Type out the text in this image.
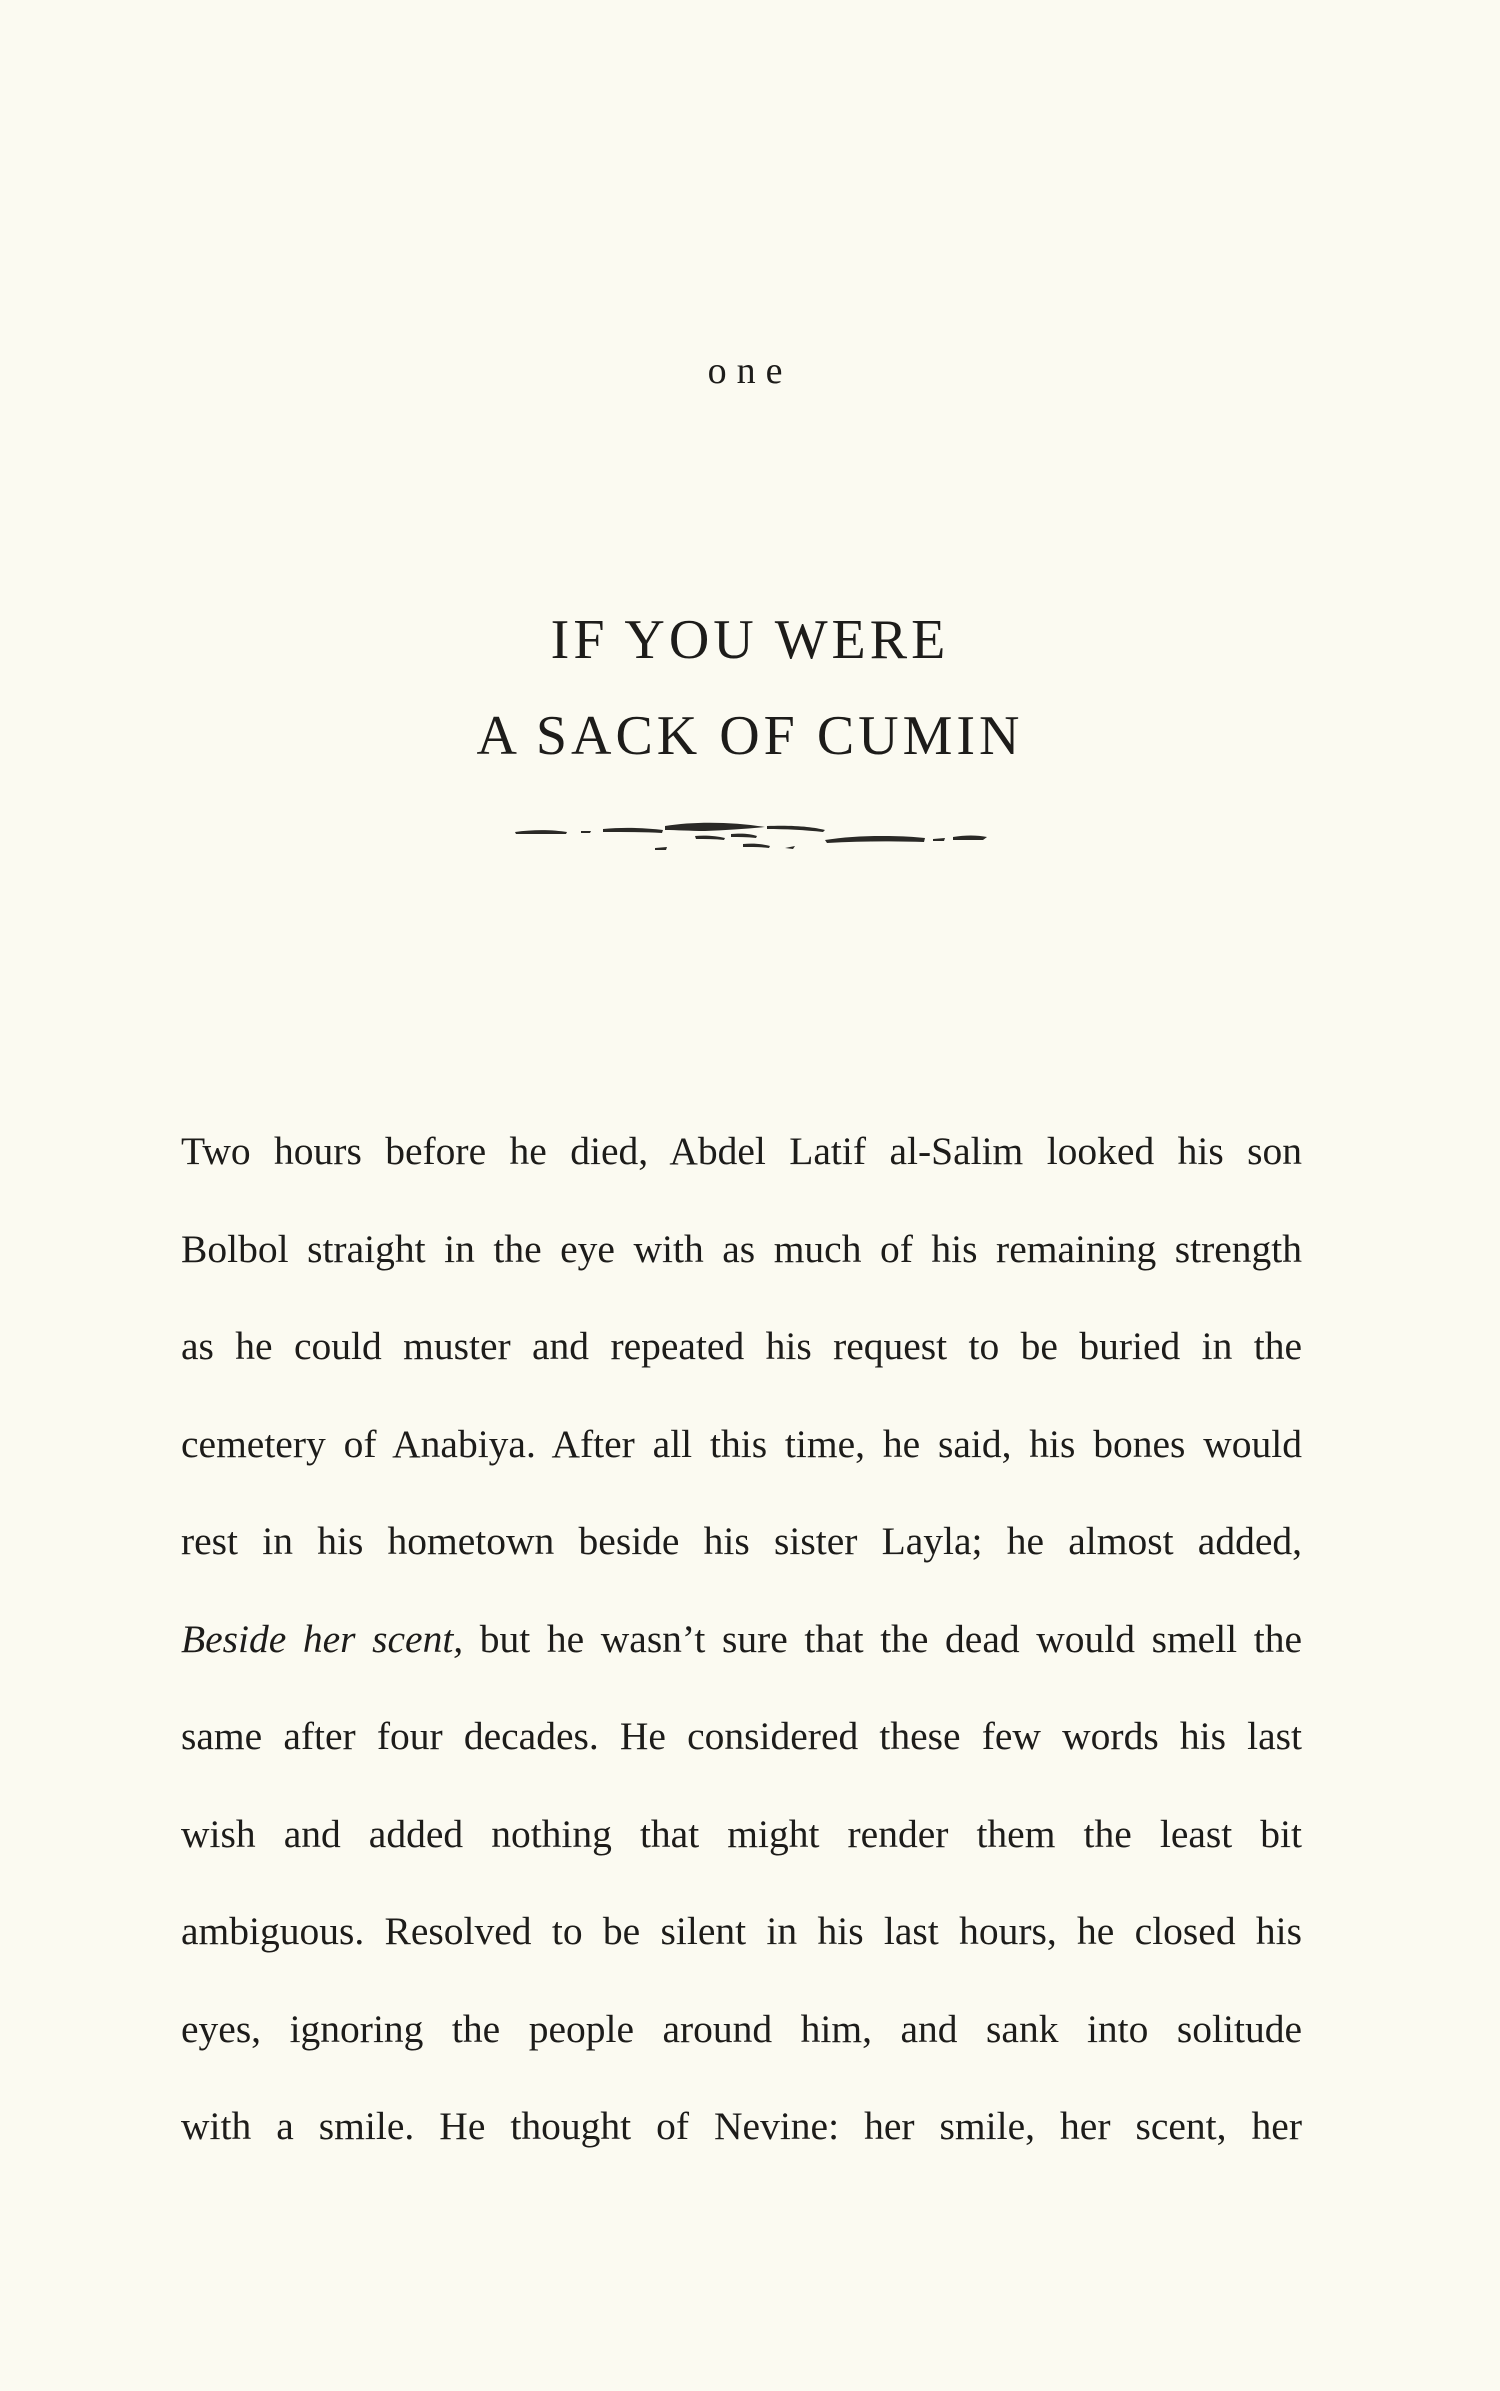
one
IF YOU WERE
A SACK OF CUMIN
Two hours before he died, Abdel Latif al-Salim looked his son
Bolbol straight in the eye with as much of his remaining strength
as he could muster and repeated his request to be buried in the
cemetery of Anabiya. After all this time, he said, his bones would
rest in his hometown beside his sister Layla; he almost added,
Beside her scent, but he wasn’t sure that the dead would smell the
same after four decades. He considered these few words his last
wish and added nothing that might render them the least bit
ambiguous. Resolved to be silent in his last hours, he closed his
eyes, ignoring the people around him, and sank into solitude
with a smile. He thought of Nevine: her smile, her scent, her
